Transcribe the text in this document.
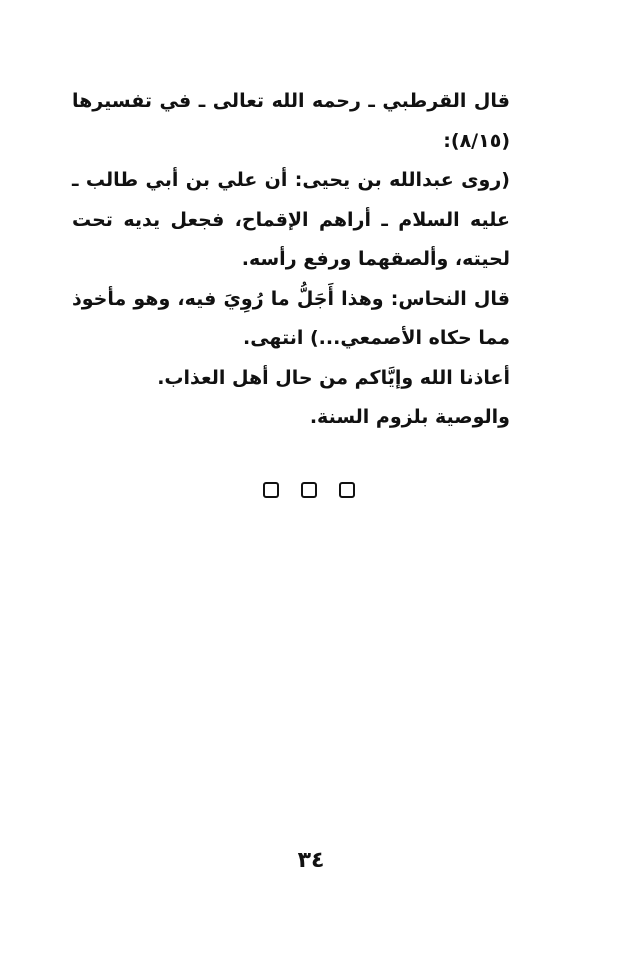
قال القرطبي ـ رحمه الله تعالى ـ في تفسيرها (٨/١٥):

(روى عبدالله بن يحيى: أن علي بن أبي طالب ـ عليه السلام ـ أراهم الإقماح، فجعل يديه تحت لحيته، وألصقهما ورفع رأسه.

قال النحاس: وهذا أَجَلُّ ما رُوِيَ فيه، وهو مأخوذ مما حكاه الأصمعي...) انتهى.

أعاذنا الله وإيَّاكم من حال أهل العذاب.

والوصية بلزوم السنة.

٣٤
